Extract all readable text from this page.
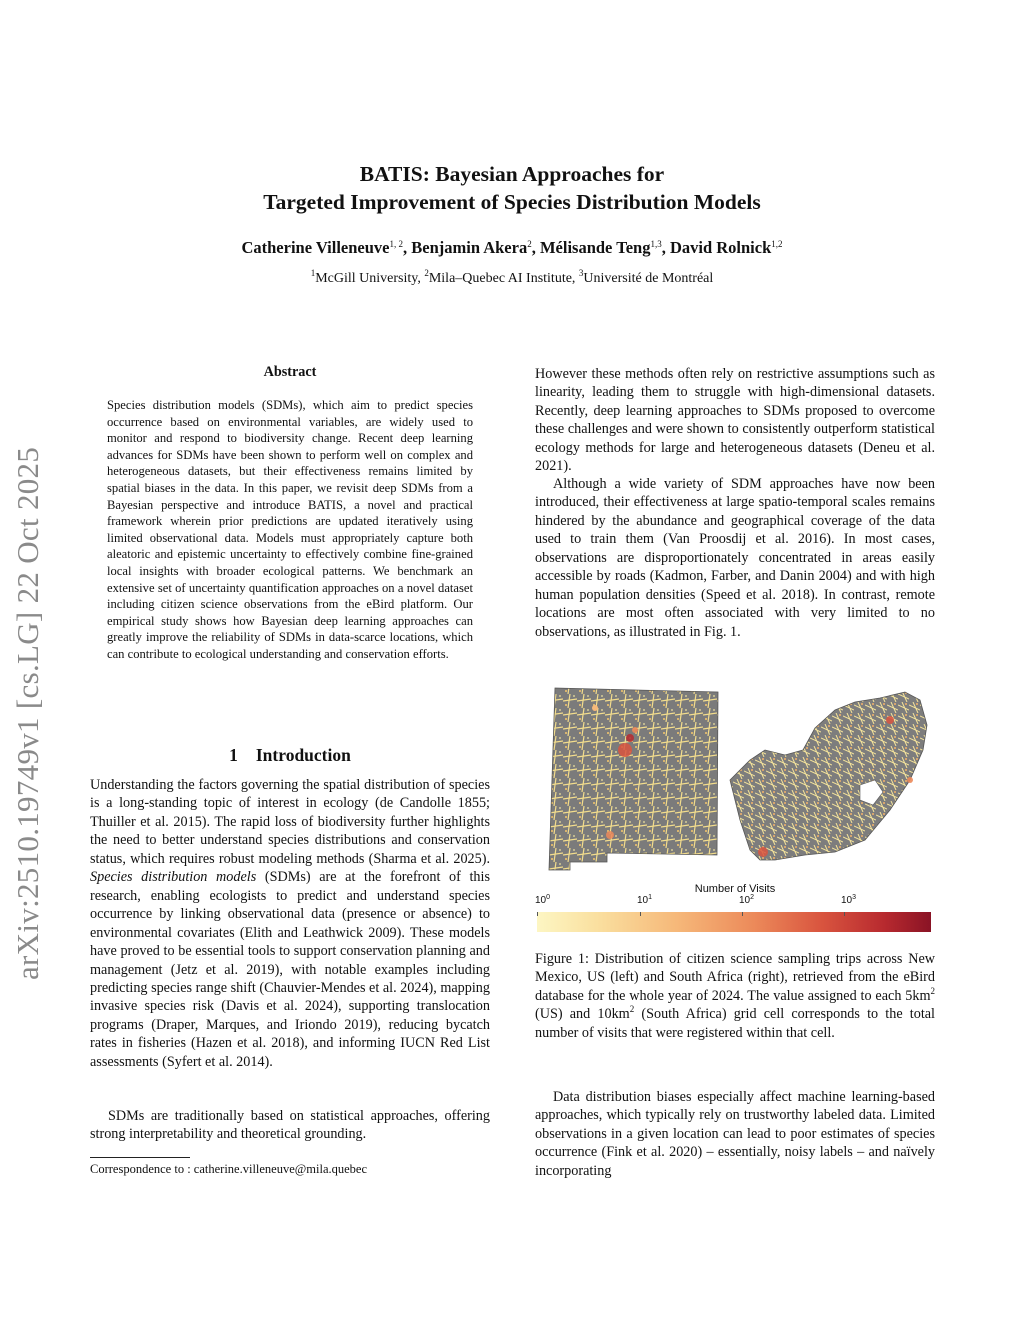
arXiv:2510.19749v1 [cs.LG] 22 Oct 2025
BATIS: Bayesian Approaches for
Targeted Improvement of Species Distribution Models
Catherine Villeneuve$^{1, 2}$, Benjamin Akera$^2$, Mélisande Teng$^{1,3}$, David Rolnick$^{1,2}$
$^1$McGill University, $^2$Mila–Quebec AI Institute, $^3$Université de Montréal
Abstract
Species distribution models (SDMs), which aim to predict species occurrence based on environmental variables, are widely used to monitor and respond to biodiversity change. Recent deep learning advances for SDMs have been shown to perform well on complex and heterogeneous datasets, but their effectiveness remains limited by spatial biases in the data. In this paper, we revisit deep SDMs from a Bayesian perspective and introduce BATIS, a novel and practical framework wherein prior predictions are updated iteratively using limited observational data. Models must appropriately capture both aleatoric and epistemic uncertainty to effectively combine fine-grained local insights with broader ecological patterns. We benchmark an extensive set of uncertainty quantification approaches on a novel dataset including citizen science observations from the eBird platform. Our empirical study shows how Bayesian deep learning approaches can greatly improve the reliability of SDMs in data-scarce locations, which can contribute to ecological understanding and conservation efforts.
1 Introduction
Understanding the factors governing the spatial distribution of species is a long-standing topic of interest in ecology (de Candolle 1855; Thuiller et al. 2015). The rapid loss of biodiversity further highlights the need to better understand species distributions and conservation status, which requires robust modeling methods (Sharma et al. 2025). Species distribution models (SDMs) are at the forefront of this research, enabling ecologists to predict and understand species occurrence by linking observational data (presence or absence) to environmental covariates (Elith and Leathwick 2009). These models have proved to be essential tools to support conservation planning and management (Jetz et al. 2019), with notable examples including predicting species range shift (Chauvier-Mendes et al. 2024), mapping invasive species risk (Davis et al. 2024), supporting translocation programs (Draper, Marques, and Iriondo 2019), reducing bycatch rates in fisheries (Hazen et al. 2018), and informing IUCN Red List assessments (Syfert et al. 2014).
SDMs are traditionally based on statistical approaches, offering strong interpretability and theoretical grounding.
Correspondence to : catherine.villeneuve@mila.quebec
However these methods often rely on restrictive assumptions such as linearity, leading them to struggle with high-dimensional datasets. Recently, deep learning approaches to SDMs proposed to overcome these challenges and were shown to consistently outperform statistical ecology methods for large and heterogeneous datasets (Deneu et al. 2021).
Although a wide variety of SDM approaches have now been introduced, their effectiveness at large spatio-temporal scales remains hindered by the abundance and geographical coverage of the data used to train them (Van Proosdij et al. 2016). In most cases, observations are disproportionately concentrated in areas easily accessible by roads (Kadmon, Farber, and Danin 2004) and with high human population densities (Speed et al. 2018). In contrast, remote locations are most often associated with very limited to no observations, as illustrated in Fig. 1.
Number of Visits
$10^0$	$10^1$	$10^2$	$10^3$
Figure 1: Distribution of citizen science sampling trips across New Mexico, US (left) and South Africa (right), retrieved from the eBird database for the whole year of 2024. The value assigned to each $5km^2$ (US) and $10km^2$ (South Africa) grid cell corresponds to the total number of visits that were registered within that cell.
Data distribution biases especially affect machine learning-based approaches, which typically rely on trustworthy labeled data. Limited observations in a given location can lead to poor estimates of species occurrence (Fink et al. 2020) – essentially, noisy labels – and naïvely incorporating
